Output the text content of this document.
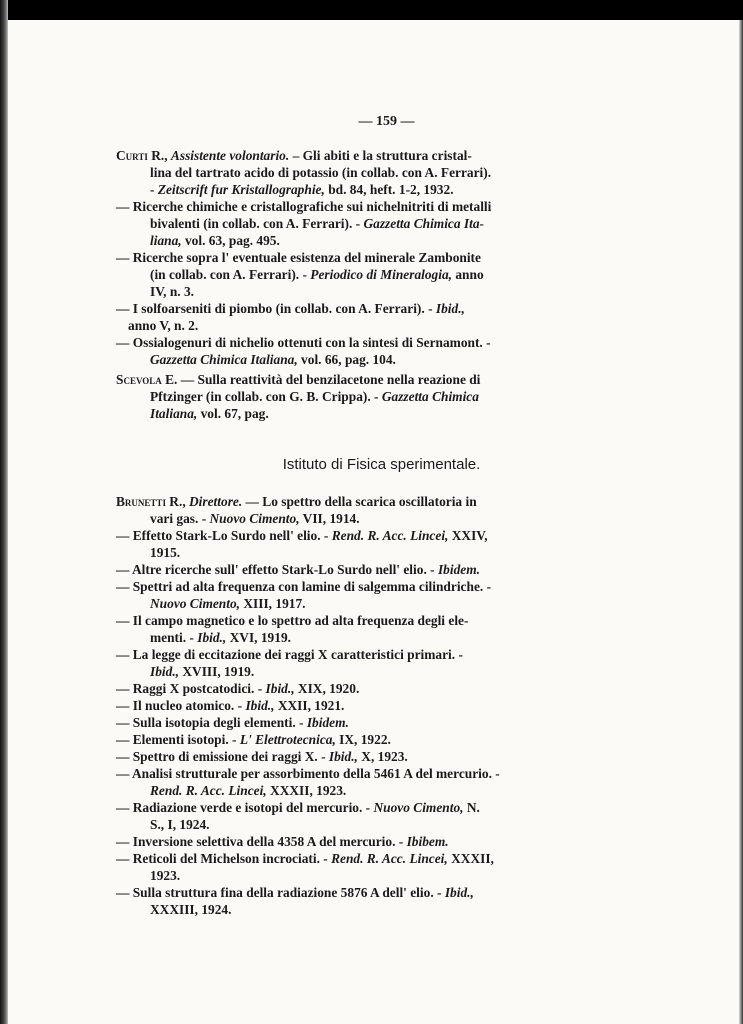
— 159 —
Istituto di Fisica sperimentale.
Curti R., Assistente volontario. – Gli abiti e la struttura cristal-
lina del tartrato acido di potassio (in collab. con A. Ferrari).
- Zeitscrift fur Kristallographie, bd. 84, heft. 1-2, 1932.
— Ricerche chimiche e cristallografiche sui nichelnitriti di metalli
bivalenti (in collab. con A. Ferrari). - Gazzetta Chimica Ita-
liana, vol. 63, pag. 495.
— Ricerche sopra l' eventuale esistenza del minerale Zambonite
(in collab. con A. Ferrari). - Periodico di Mineralogia, anno
IV, n. 3.
— I solfoarseniti di piombo (in collab. con A. Ferrari). - Ibid.,
anno V, n. 2.
— Ossialogenuri di nichelio ottenuti con la sintesi di Sernamont. -
Gazzetta Chimica Italiana, vol. 66, pag. 104.
Scevola E. — Sulla reattività del benzilacetone nella reazione di
Pftzinger (in collab. con G. B. Crippa). - Gazzetta Chimica
Italiana, vol. 67, pag.
Brunetti R., Direttore. — Lo spettro della scarica oscillatoria in
vari gas. - Nuovo Cimento, VII, 1914.
— Effetto Stark-Lo Surdo nell' elio. - Rend. R. Acc. Lincei, XXIV,
1915.
— Altre ricerche sull' effetto Stark-Lo Surdo nell' elio. - Ibidem.
— Spettri ad alta frequenza con lamine di salgemma cilindriche. -
Nuovo Cimento, XIII, 1917.
— Il campo magnetico e lo spettro ad alta frequenza degli ele-
menti. - Ibid., XVI, 1919.
— La legge di eccitazione dei raggi X caratteristici primari. -
Ibid., XVIII, 1919.
— Raggi X postcatodici. - Ibid., XIX, 1920.
— Il nucleo atomico. - Ibid., XXII, 1921.
— Sulla isotopia degli elementi. - Ibidem.
— Elementi isotopi. - L' Elettrotecnica, IX, 1922.
— Spettro di emissione dei raggi X. - Ibid., X, 1923.
— Analisi strutturale per assorbimento della 5461 A del mercurio. -
Rend. R. Acc. Lincei, XXXII, 1923.
— Radiazione verde e isotopi del mercurio. - Nuovo Cimento, N.
S., I, 1924.
— Inversione selettiva della 4358 A del mercurio. - Ibibem.
— Reticoli del Michelson incrociati. - Rend. R. Acc. Lincei, XXXII,
1923.
— Sulla struttura fina della radiazione 5876 A dell' elio. - Ibid.,
XXXIII, 1924.
